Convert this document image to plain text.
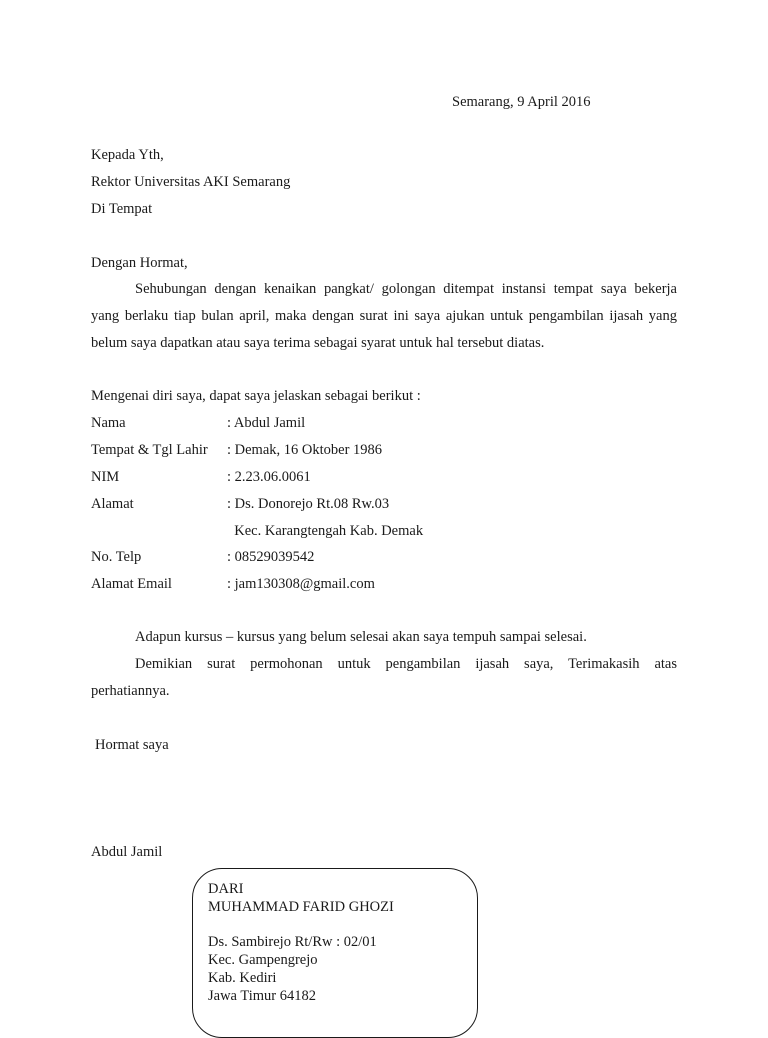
Semarang, 9 April 2016
Kepada Yth,
Rektor Universitas AKI Semarang
Di Tempat
Dengan Hormat,
Sehubungan dengan kenaikan pangkat/ golongan ditempat instansi tempat saya bekerja
yang berlaku tiap bulan april, maka dengan surat ini saya ajukan untuk pengambilan ijasah yang
belum saya dapatkan atau saya terima sebagai syarat untuk hal tersebut diatas.
Mengenai diri saya, dapat saya jelaskan sebagai berikut :
Nama	: Abdul Jamil
Tempat & Tgl Lahir : Demak, 16 Oktober 1986
NIM	: 2.23.06.0061
Alamat	: Ds. Donorejo Rt.08 Rw.03
Kec. Karangtengah Kab. Demak
No. Telp	: 08529039542
Alamat Email	: jam130308@gmail.com
Adapun kursus – kursus yang belum selesai akan saya tempuh sampai selesai.
Demikian surat permohonan untuk pengambilan ijasah saya, Terimakasih atas
perhatiannya.
Hormat saya
Abdul Jamil
DARI
MUHAMMAD FARID GHOZI
Ds. Sambirejo Rt/Rw : 02/01
Kec. Gampengrejo
Kab. Kediri
Jawa Timur 64182
